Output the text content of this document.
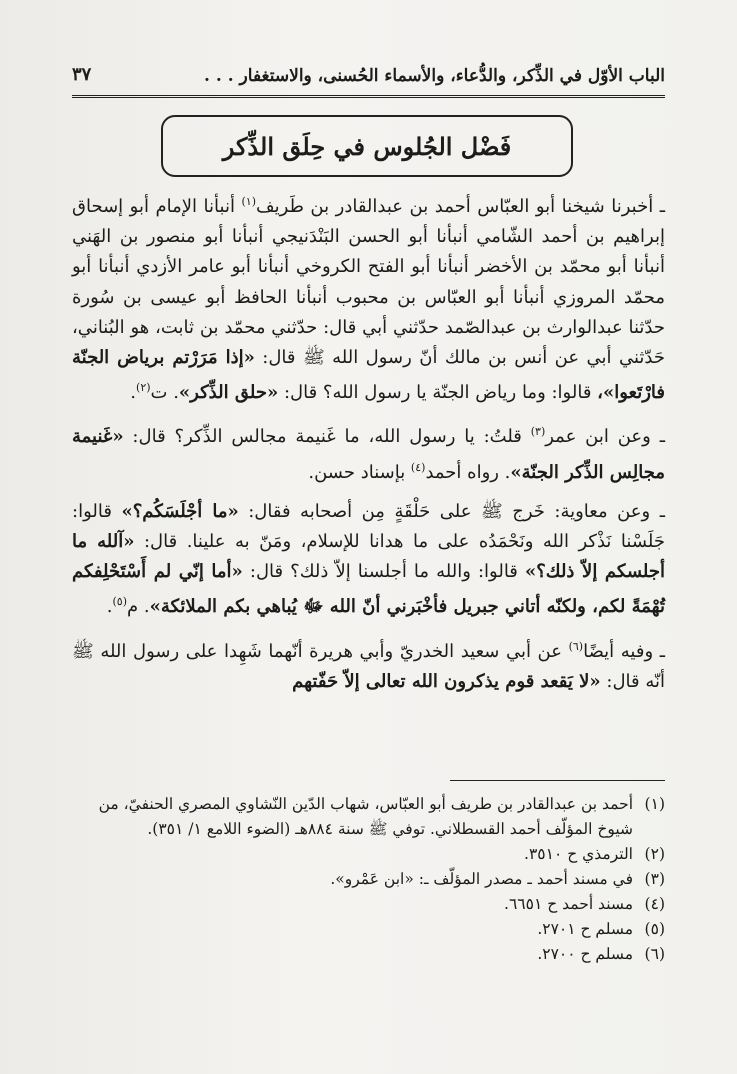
الباب الأوّل في الذِّكر، والدُّعاء، والأسماء الحُسنى، والاستغفار . . .
٣٧
فَضْل الجُلوس في حِلَق الذِّكر

ـ أخبرنا شيخنا أبو العبّاس أحمد بن عبدالقادر بن طَريف$^{(١)}$ أنبأنا الإمام أبو إسحاق إبراهيم بن أحمد الشّامي أنبأنا أبو الحسن البَنْدَنيجي أنبأنا أبو منصور بن الهَني أنبأنا أبو محمّد بن الأخضر أنبأنا أبو الفتح الكروخي أنبأنا أبو عامر الأزدي أنبأنا أبو محمّد المروزي أنبأنا أبو العبّاس بن محبوب أنبأنا الحافظ أبو عيسى بن سُورة حدّثنا عبدالوارث بن عبدالصّمد حدّثني أبي قال: حدّثني محمّد بن ثابت، هو البُناني، حَدّثني أبي عن أنس بن مالك أنّ رسول الله ﷺ قال: «إذا مَرَرْتم برياض الجنّة فارْتَعوا»، قالوا: وما رياض الجنّة يا رسول الله؟ قال: «حلق الذِّكر». ت$^{(٢)}$.

ـ وعن ابن عمر$^{(٣)}$ قلتُ: يا رسول الله، ما غَنيمة مجالس الذِّكر؟ قال: «غَنيمة مجالِس الذِّكر الجنّة». رواه أحمد$^{(٤)}$ بإسناد حسن.

ـ وعن معاوية: خَرج ﷺ على حَلْقَةٍ مِن أصحابه فقال: «ما أجْلَسَكُم؟» قالوا: جَلَسْنا نَذْكر الله ونَحْمَدُه على ما هدانا للإسلام، ومَنّ به علينا. قال: «آلله ما أجلسكم إلاّ ذلك؟» قالوا: والله ما أجلسنا إلاّ ذلك؟ قال: «أما إنّي لم أَسْتَحْلِفكم تُهْمَةً لكم، ولكنّه أتاني جبريل فأخْبَرني أنّ الله ﷻ يُباهي بكم الملائكة». م$^{(٥)}$.

ـ وفيه أيضًا$^{(٦)}$ عن أبي سعيد الخدريّ وأبي هريرة أنّهما شَهِدا على رسول الله ﷺ أنّه قال: «لا يَقعد قوم يذكرون الله تعالى إلاّ حَفّتهم

(١)
أحمد بن عبدالقادر بن طريف أبو العبّاس، شهاب الدّين النّشاوي المصري الحنفيّ، من شيوخ المؤلّف أحمد القسطلاني. توفي ﷺ سنة ٨٨٤هـ (الضوء اللامع ١/ ٣٥١).
(٢)
الترمذي ح ٣٥١٠.
(٣)
في مسند أحمد ـ مصدر المؤلّف ـ: «ابن عَمْرو».
(٤)
مسند أحمد ح ٦٦٥١.
(٥)
مسلم ح ٢٧٠١.
(٦)
مسلم ح ٢٧٠٠.
